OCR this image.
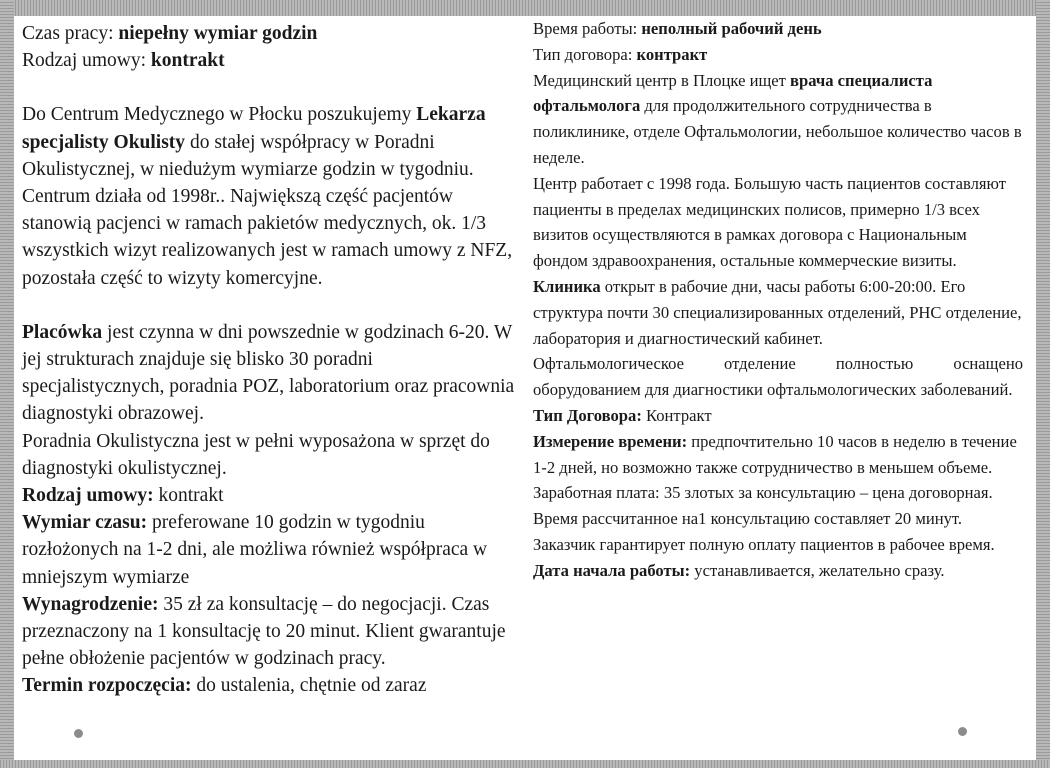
Czas pracy: niepełny wymiar godzin

Rodzaj umowy: kontrakt

Do Centrum Medycznego w Płocku poszukujemy Lekarza specjalisty Okulisty do stałej współpracy w Poradni Okulistycznej, w niedużym wymiarze godzin w tygodniu.

Centrum działa od 1998r.. Największą część pacjentów stanowią pacjenci w ramach pakietów medycznych, ok. 1/3 wszystkich wizyt realizowanych jest w ramach umowy z NFZ, pozostała część to wizyty komercyjne.

Placówka jest czynna w dni powszednie w godzinach 6-20. W jej strukturach znajduje się blisko 30 poradni specjalistycznych, poradnia POZ, laboratorium oraz pracownia diagnostyki obrazowej.

Poradnia Okulistyczna jest w pełni wyposażona w sprzęt do diagnostyki okulistycznej.

Rodzaj umowy: kontrakt

Wymiar czasu: preferowane 10 godzin w tygodniu rozłożonych na 1-2 dni, ale możliwa również współpraca w mniejszym wymiarze

Wynagrodzenie: 35 zł za konsultację – do negocjacji. Czas przeznaczony na 1 konsultację to 20 minut. Klient gwarantuje pełne obłożenie pacjentów w godzinach pracy.

Termin rozpoczęcia: do ustalenia, chętnie od zaraz

Время работы: неполный рабочий день

Тип договора: контракт

Медицинский центр в Плоцке ищет врача специалиста офтальмолога для продолжительного сотрудничества в поликлинике, отделе Офтальмологии, небольшое количество часов в неделе.

Центр работает с 1998 года. Большую часть пациентов составляют пациенты в пределах медицинских полисов, примерно 1/3 всех визитов осуществляются в рамках договора с Национальным фондом здравоохранения, остальные коммерческие визиты.

Клиника открыт в рабочие дни, часы работы 6:00-20:00. Его структура почти 30 специализированных отделений, PHC отделение, лаборатория и диагностический кабинет.

Офтальмологическое отделение полностью оснащено оборудованием для диагностики офтальмологических заболеваний.

Тип Договора: Контракт

Измерение времени: предпочтительно 10 часов в неделю в течение 1-2 дней, но возможно также сотрудничество в меньшем объеме.

Заработная плата: 35 злотых за консультацию – цена договорная. Время рассчитанное на1 консультацию составляет 20 минут. Заказчик гарантирует полную оплату пациентов в рабочее время.

Дата начала работы: устанавливается, желательно сразу.
